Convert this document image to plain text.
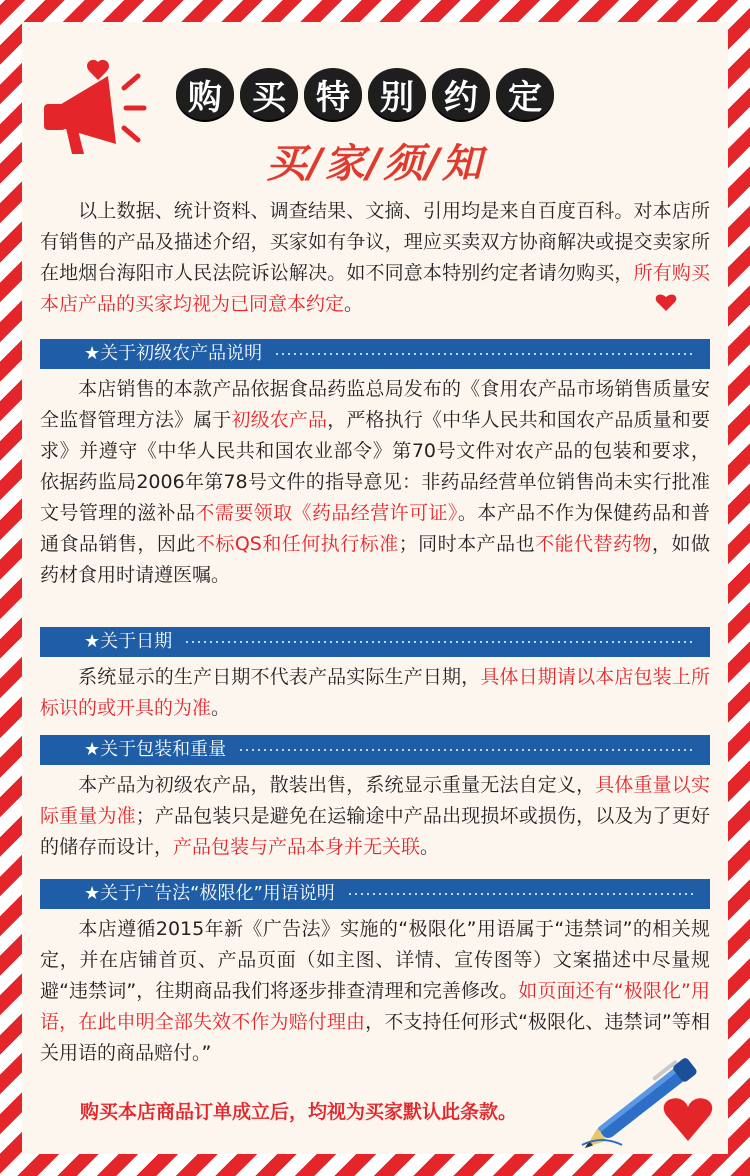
购 买 特 别 约 定
买/家/须/知
以上数据、统计资料、调查结果、文摘、引用均是来自百度百科。对本店所有销售的产品及描述介绍，买家如有争议，理应买卖双方协商解决或提交卖家所在地烟台海阳市人民法院诉讼解决。如不同意本特别约定者请勿购买，所有购买本店产品的买家均视为已同意本约定。
★关于初级农产品说明
本店销售的本款产品依据食品药监总局发布的《食用农产品市场销售质量安全监督管理方法》属于初级农产品，严格执行《中华人民共和国农产品质量和要求》并遵守《中华人民共和国农业部令》第70号文件对农产品的包装和要求，依据药监局2006年第78号文件的指导意见：非药品经营单位销售尚未实行批准文号管理的滋补品不需要领取《药品经营许可证》。本产品不作为保健药品和普通食品销售，因此不标QS和任何执行标准；同时本产品也不能代替药物，如做药材食用时请遵医嘱。
★关于日期
系统显示的生产日期不代表产品实际生产日期，具体日期请以本店包装上所标识的或开具的为准。
★关于包装和重量
本产品为初级农产品，散装出售，系统显示重量无法自定义，具体重量以实际重量为准；产品包装只是避免在运输途中产品出现损坏或损伤，以及为了更好的储存而设计，产品包装与产品本身并无关联。
★关于广告法“极限化”用语说明
本店遵循2015年新《广告法》实施的“极限化”用语属于“违禁词”的相关规定，并在店铺首页、产品页面（如主图、详情、宣传图等）文案描述中尽量规避“违禁词”，往期商品我们将逐步排查清理和完善修改。如页面还有“极限化”用语，在此申明全部失效不作为赔付理由，不支持任何形式“极限化、违禁词”等相关用语的商品赔付。”
购买本店商品订单成立后，均视为买家默认此条款。
